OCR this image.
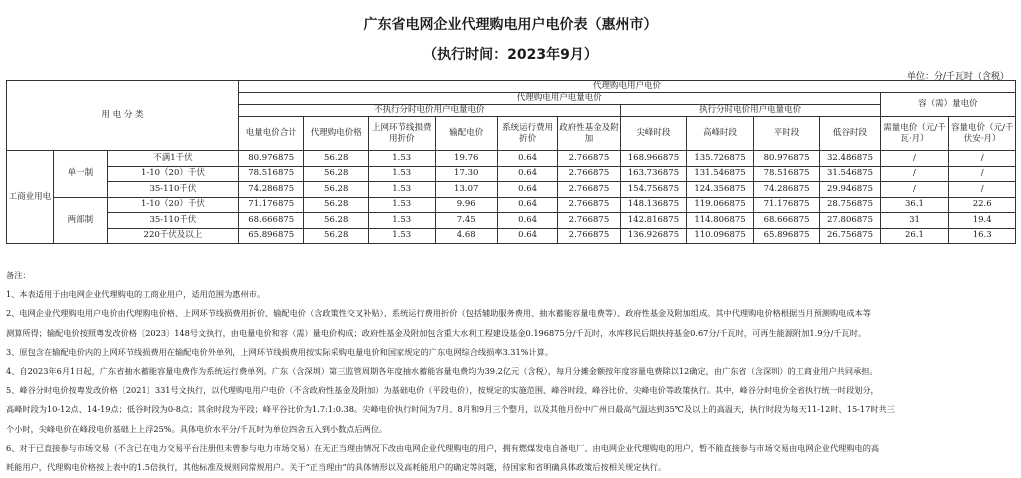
广东省电网企业代理购电用户电价表（惠州市）
（执行时间：2023年9月）
单位：分/千瓦时（含税）
用 电 分 类			代理购电用户电价											
			代理购电用户电量电价										容（需）量电价	
			不执行分时电价用户电量电价						执行分时电价用户电量电价					
			电量电价合计	代理购电价格	上网环节线损费用折价	输配电价	系统运行费用折价	政府性基金及附加	尖峰时段	高峰时段	平时段	低谷时段	需量电价（元/千瓦·月）	容量电价（元/千伏安·月）
工商业用电	单一制	不满1千伏	80.976875	56.28	1.53	19.76	0.64	2.766875	168.966875	135.726875	80.976875	32.486875	/	/
		1-10（20）千伏	78.516875	56.28	1.53	17.30	0.64	2.766875	163.736875	131.546875	78.516875	31.546875	/	/
		35-110千伏	74.286875	56.28	1.53	13.07	0.64	2.766875	154.756875	124.356875	74.286875	29.946875	/	/
	两部制	1-10（20）千伏	71.176875	56.28	1.53	9.96	0.64	2.766875	148.136875	119.066875	71.176875	28.756875	36.1	22.6
		35-110千伏	68.666875	56.28	1.53	7.45	0.64	2.766875	142.816875	114.806875	68.666875	27.806875	31	19.4
		220千伏及以上	65.896875	56.28	1.53	4.68	0.64	2.766875	136.926875	110.096875	65.896875	26.756875	26.1	16.3
备注：
1、本表适用于由电网企业代理购电的工商业用户，适用范围为惠州市。
2、电网企业代理购电用户电价由代理购电价格、上网环节线损费用折价、输配电价（含政策性交叉补贴）、系统运行费用折价（包括辅助服务费用、抽水蓄能容量电费等）、政府性基金及附加组成。其中代理购电价格根据当月预测购电成本等
测算所得；输配电价按照粤发改价格〔2023〕148号文执行，由电量电价和容（需）量电价构成；政府性基金及附加包含重大水利工程建设基金0.196875分/千瓦时，水库移民后期扶持基金0.67分/千瓦时，可再生能源附加1.9分/千瓦时。
3、原包含在输配电价内的上网环节线损费用在输配电价外单列，上网环节线损费用按实际采购电量电价和国家规定的广东电网综合线损率3.31%计算。
4、自2023年6月1日起，广东省抽水蓄能容量电费作为系统运行费单列。广东（含深圳）第三监管周期各年度抽水蓄能容量电费均为39.2亿元（含税），每月分摊金额按年度容量电费除以12确定，由广东省（含深圳）的工商业用户共同承担。
5、峰谷分时电价按粤发改价格〔2021〕331号文执行，以代理购电用户电价（不含政府性基金及附加）为基础电价（平段电价），按规定的实施范围、峰谷时段、峰谷比价、尖峰电价等政策执行。其中，峰谷分时电价全省执行统一时段划分，
高峰时段为10-12点、14-19点；低谷时段为0-8点；其余时段为平段；峰平谷比价为1.7:1:0.38。尖峰电价执行时间为7月、8月和9月三个整月，以及其他月份中广州日最高气温达到35℃及以上的高温天，执行时段为每天11-12时、15-17时共三
个小时，尖峰电价在峰段电价基础上上浮25%。具体电价水平分/千瓦时为单位四舍五入到小数点后两位。
6、对于已直接参与市场交易（不含已在电力交易平台注册但未曾参与电力市场交易）在无正当理由情况下改由电网企业代理购电的用户，拥有燃煤发电自备电厂、由电网企业代理购电的用户，暂不能直接参与市场交易由电网企业代理购电的高
耗能用户，代理购电价格按上表中的1.5倍执行，其他标准及规则同常规用户。关于“正当理由”的具体情形以及高耗能用户的确定等问题，待国家和省明确具体政策后按相关规定执行。
